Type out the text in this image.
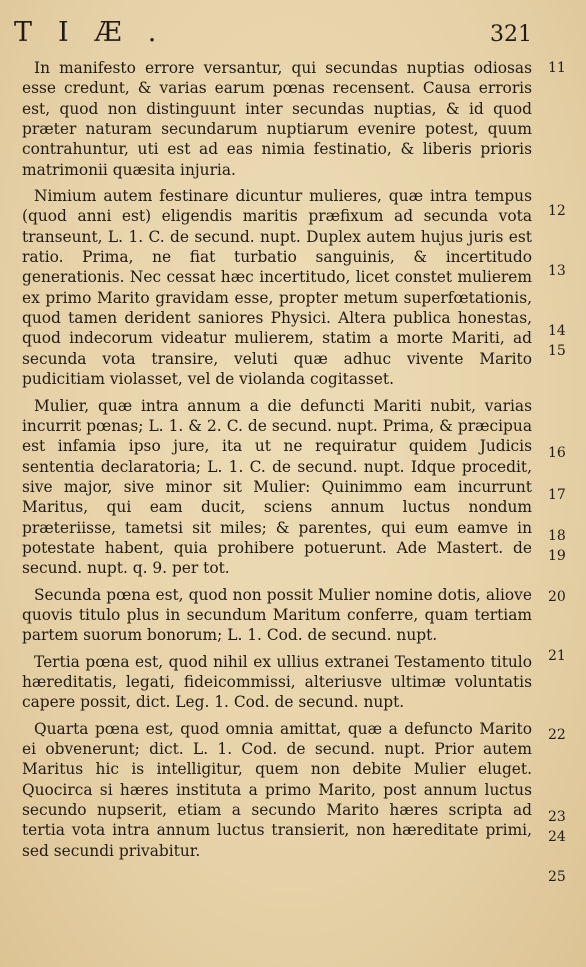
TIÆ.	321

In manifesto errore versantur, qui secundas nuptias odiosas esse credunt, & varias earum pœnas recensent. Causa erroris est, quod non distinguunt inter secundas nuptias, & id quod præter naturam secundarum nuptiarum evenire potest, quum contrahuntur, uti est ad eas nimia festinatio, & liberis prioris matrimonii quæsita injuria.

Nimium autem festinare dicuntur mulieres, quæ intra tempus (quod anni est) eligendis maritis præfixum ad secunda vota transeunt, L. 1. C. de secund. nupt. Duplex autem hujus juris est ratio. Prima, ne fiat turbatio sanguinis, & incertitudo generationis. Nec cessat hæc incertitudo, licet constet mulierem ex primo Marito gravidam esse, propter metum superfœtationis, quod tamen derident saniores Physici. Altera publica honestas, quod indecorum videatur mulierem, statim a morte Mariti, ad secunda vota transire, veluti quæ adhuc vivente Marito pudicitiam violasset, vel de violanda cogitasset.

Mulier, quæ intra annum a die defuncti Mariti nubit, varias incurrit pœnas; L. 1. & 2. C. de secund. nupt. Prima, & præcipua est infamia ipso jure, ita ut ne requiratur quidem Judicis sententia declaratoria; L. 1. C. de secund. nupt. Idque procedit, sive major, sive minor sit Mulier: Quinimmo eam incurrunt Maritus, qui eam ducit, sciens annum luctus nondum præteriisse, tametsi sit miles; & parentes, qui eum eamve in potestate habent, quia prohibere potuerunt. Ade Mastert. de secund. nupt. q. 9. per tot.

Secunda pœna est, quod non possit Mulier nomine dotis, aliove quovis titulo plus in secundum Maritum conferre, quam tertiam partem suorum bonorum; L. 1. Cod. de secund. nupt.

Tertia pœna est, quod nihil ex ullius extranei Testamento titulo hæreditatis, legati, fideicommissi, alteriusve ultimæ voluntatis capere possit, dict. Leg. 1. Cod. de secund. nupt.

Quarta pœna est, quod omnia amittat, quæ a defuncto Marito ei obvenerunt; dict. L. 1. Cod. de secund. nupt. Prior autem Maritus hic is intelligitur, quem non debite Mulier eluget. Quocirca si hæres instituta a primo Marito, post annum luctus secundo nupserit, etiam a secundo Marito hæres scripta ad tertia vota intra annum luctus transierit, non hæreditate primi, sed secundi privabitur.

11
12
13
14
15
16
17
18
19
20
21
22
23
24
25
